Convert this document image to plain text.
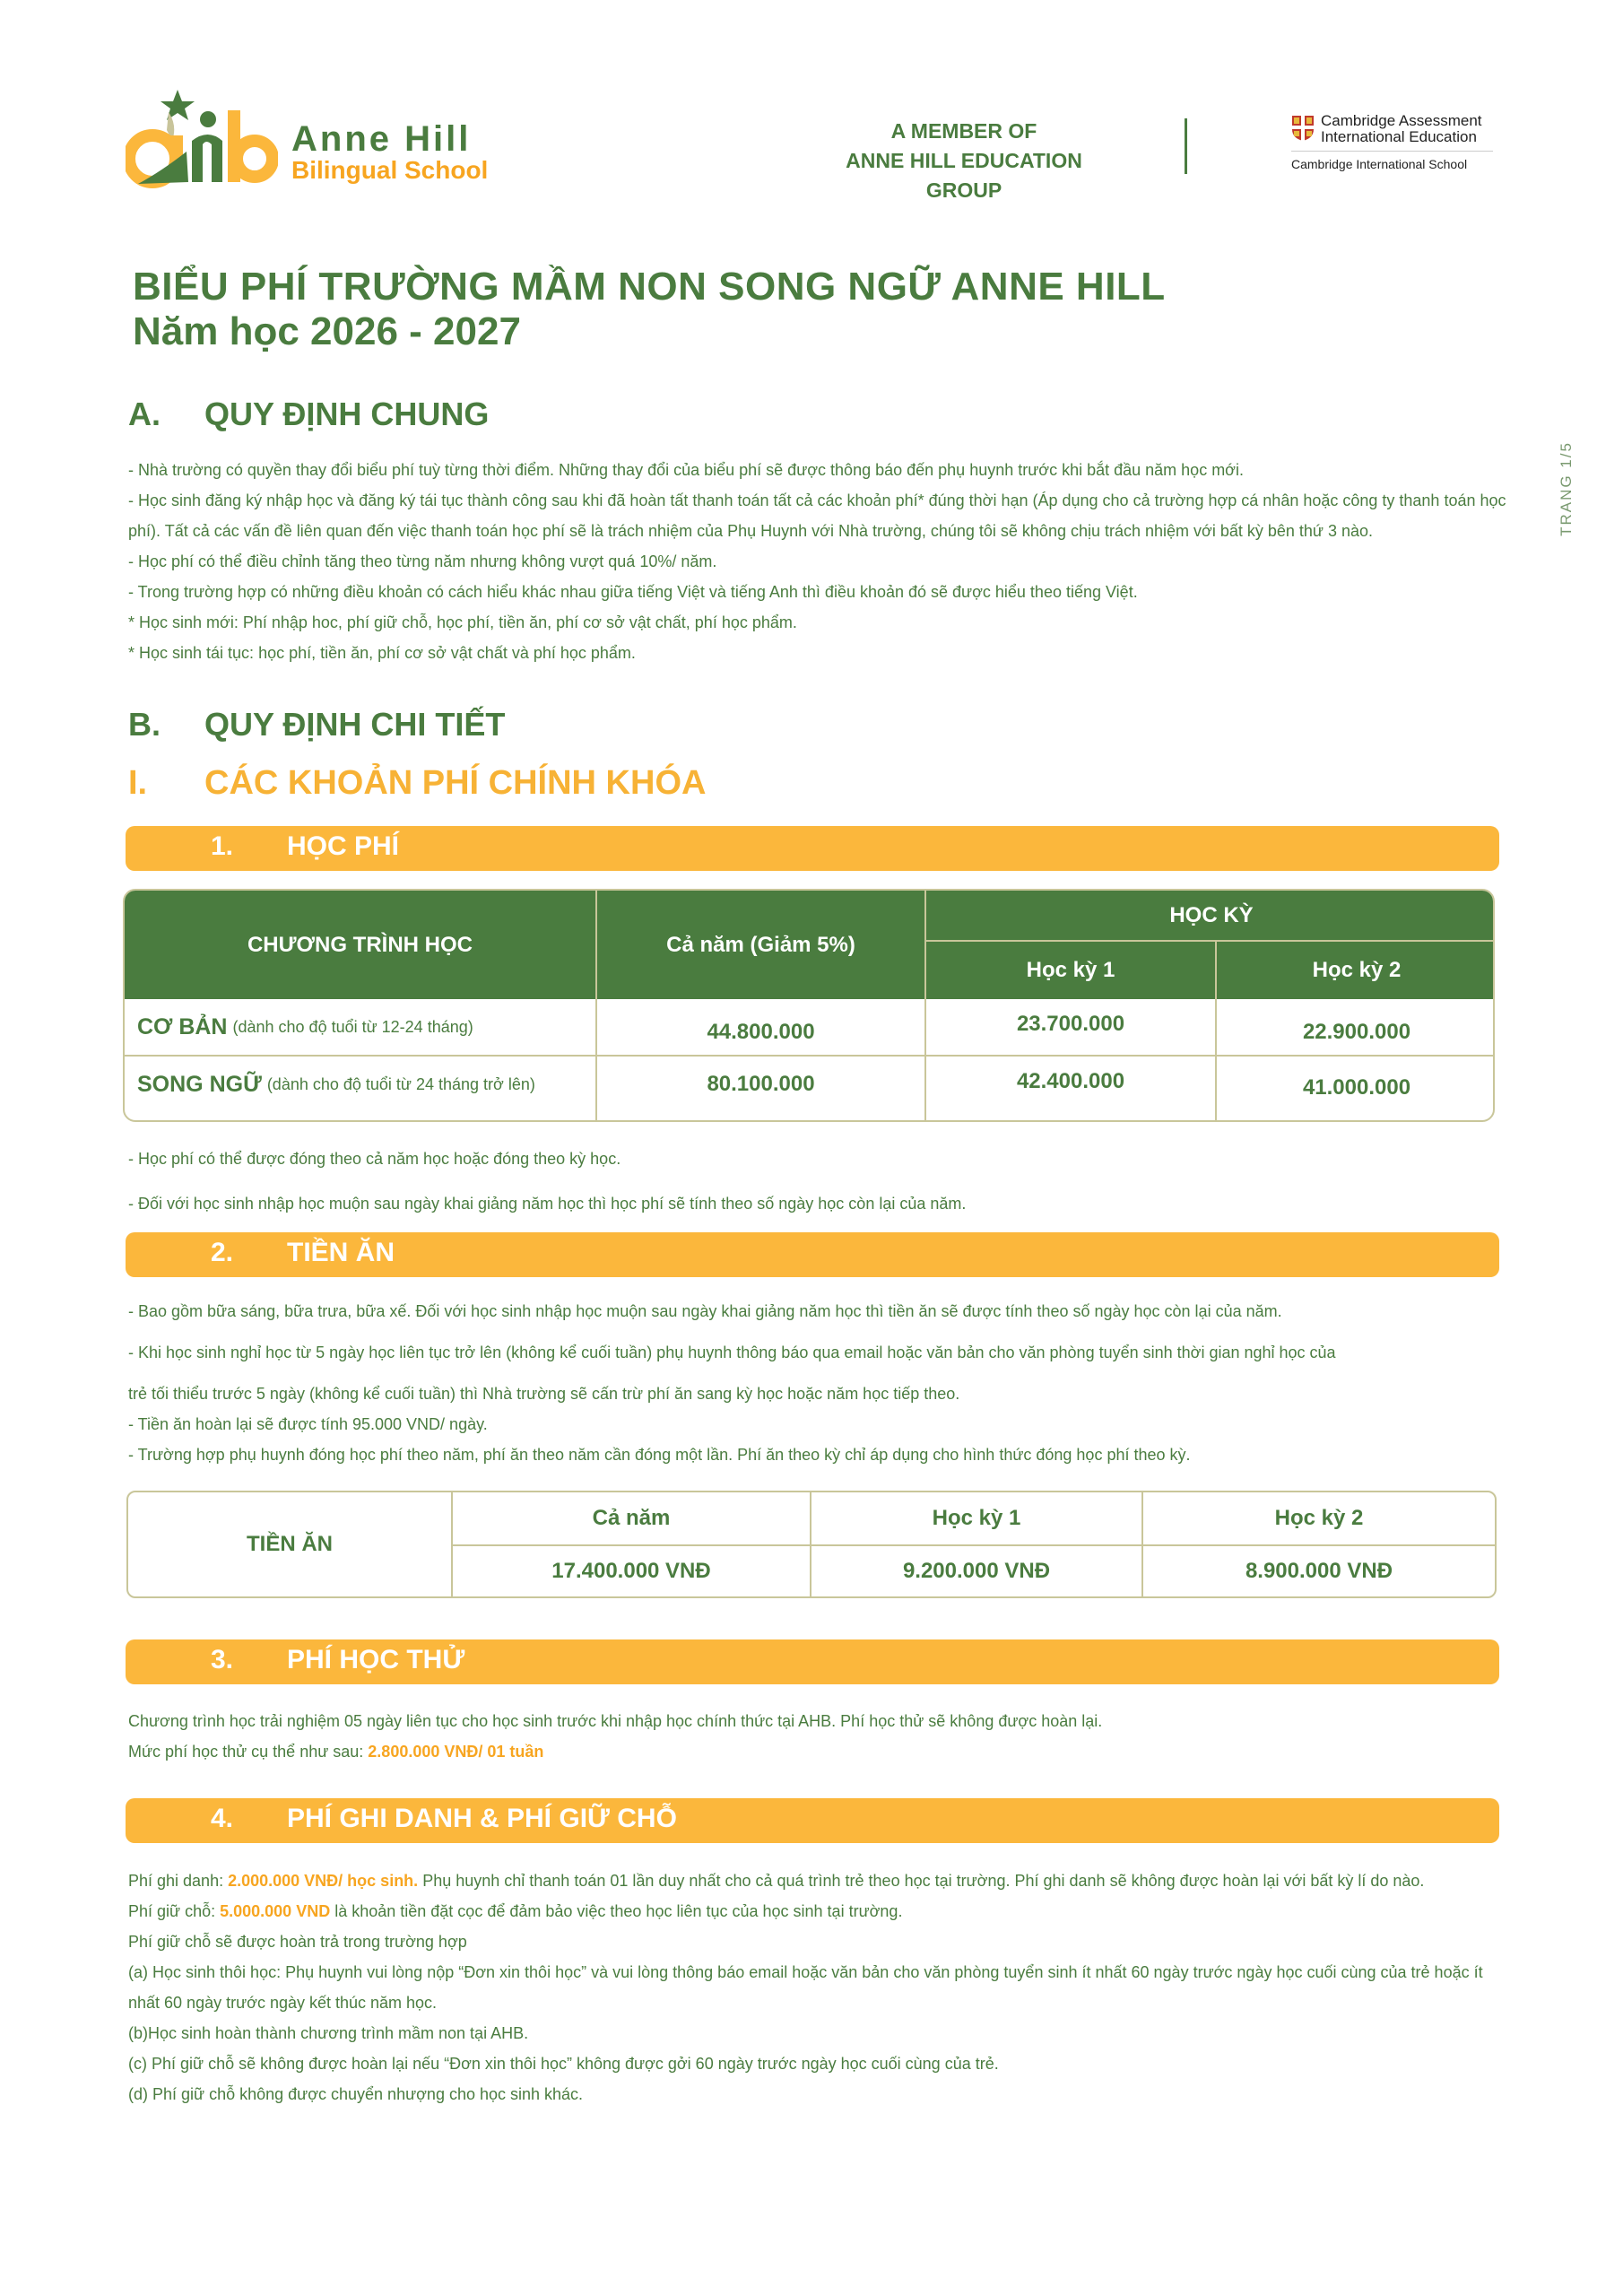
Anne Hill
Bilingual School
A MEMBER OF
ANNE HILL EDUCATION GROUP
Cambridge Assessment
International Education
Cambridge International School
TRANG 1/5
BIỂU PHÍ TRƯỜNG MẦM NON SONG NGỮ ANNE HILL
Năm học 2026 - 2027
A. QUY ĐỊNH CHUNG

- Nhà trường có quyền thay đổi biểu phí tuỳ từng thời điểm. Những thay đổi của biểu phí sẽ được thông báo đến phụ huynh trước khi bắt đầu năm học mới.

- Học sinh đăng ký nhập học và đăng ký tái tục thành công sau khi đã hoàn tất thanh toán tất cả các khoản phí* đúng thời hạn (Áp dụng cho cả trường hợp cá nhân hoặc công ty thanh toán học phí). Tất cả các vấn đề liên quan đến việc thanh toán học phí sẽ là trách nhiệm của Phụ Huynh với Nhà trường, chúng tôi sẽ không chịu trách nhiệm với bất kỳ bên thứ 3 nào.

- Học phí có thể điều chỉnh tăng theo từng năm nhưng không vượt quá 10%/ năm.

- Trong trường hợp có những điều khoản có cách hiểu khác nhau giữa tiếng Việt và tiếng Anh thì điều khoản đó sẽ được hiểu theo tiếng Việt.

* Học sinh mới: Phí nhập hoc, phí giữ chỗ, học phí, tiền ăn, phí cơ sở vật chất, phí học phẩm.

* Học sinh tái tục: học phí, tiền ăn, phí cơ sở vật chất và phí học phẩm.

B. QUY ĐỊNH CHI TIẾT
I. CÁC KHOẢN PHÍ CHÍNH KHÓA
1. HỌC PHÍ
CHƯƠNG TRÌNH HỌC	Cả năm (Giảm 5%)
HỌC KỲ
Học kỳ 1	Học kỳ 2
CƠ BẢN (dành cho độ tuổi từ 12-24 tháng)	44.800.000	23.700.000	22.900.000
SONG NGỮ (dành cho độ tuổi từ 24 tháng trở lên)	80.100.000	42.400.000	41.000.000

- Học phí có thể được đóng theo cả năm học hoặc đóng theo kỳ học.

- Đối với học sinh nhập học muộn sau ngày khai giảng năm học thì học phí sẽ tính theo số ngày học còn lại của năm.

2. TIỀN ĂN

- Bao gồm bữa sáng, bữa trưa, bữa xế. Đối với học sinh nhập học muộn sau ngày khai giảng năm học thì tiền ăn sẽ được tính theo số ngày học còn lại của năm.

- Khi học sinh nghỉ học từ 5 ngày học liên tục trở lên (không kể cuối tuần) phụ huynh thông báo qua email hoặc văn bản cho văn phòng tuyển sinh thời gian nghỉ học của

trẻ tối thiểu trước 5 ngày (không kể cuối tuần) thì Nhà trường sẽ cấn trừ phí ăn sang kỳ học hoặc năm học tiếp theo.

- Tiền ăn hoàn lại sẽ được tính 95.000 VND/ ngày.

- Trường hợp phụ huynh đóng học phí theo năm, phí ăn theo năm cần đóng một lần. Phí ăn theo kỳ chỉ áp dụng cho hình thức đóng học phí theo kỳ.

TIỀN ĂN
Cả năm	Học kỳ 1	Học kỳ 2
17.400.000 VNĐ	9.200.000 VNĐ	8.900.000 VNĐ
3. PHÍ HỌC THỬ

Chương trình học trải nghiệm 05 ngày liên tục cho học sinh trước khi nhập học chính thức tại AHB. Phí học thử sẽ không được hoàn lại.

Mức phí học thử cụ thể như sau: 2.800.000 VNĐ/ 01 tuần

4. PHÍ GHI DANH & PHÍ GIỮ CHỖ

Phí ghi danh: 2.000.000 VNĐ/ học sinh. Phụ huynh chỉ thanh toán 01 lần duy nhất cho cả quá trình trẻ theo học tại trường. Phí ghi danh sẽ không được hoàn lại với bất kỳ lí do nào.

Phí giữ chỗ: 5.000.000 VND là khoản tiền đặt cọc để đảm bảo việc theo học liên tục của học sinh tại trường.

Phí giữ chỗ sẽ được hoàn trả trong trường hợp

(a) Học sinh thôi học: Phụ huynh vui lòng nộp “Đơn xin thôi học” và vui lòng thông báo email hoặc văn bản cho văn phòng tuyển sinh ít nhất 60 ngày trước ngày học cuối cùng của trẻ hoặc ít nhất 60 ngày trước ngày kết thúc năm học.

(b)Học sinh hoàn thành chương trình mầm non tại AHB.

(c) Phí giữ chỗ sẽ không được hoàn lại nếu “Đơn xin thôi học” không được gởi 60 ngày trước ngày học cuối cùng của trẻ.

(d) Phí giữ chỗ không được chuyển nhượng cho học sinh khác.
